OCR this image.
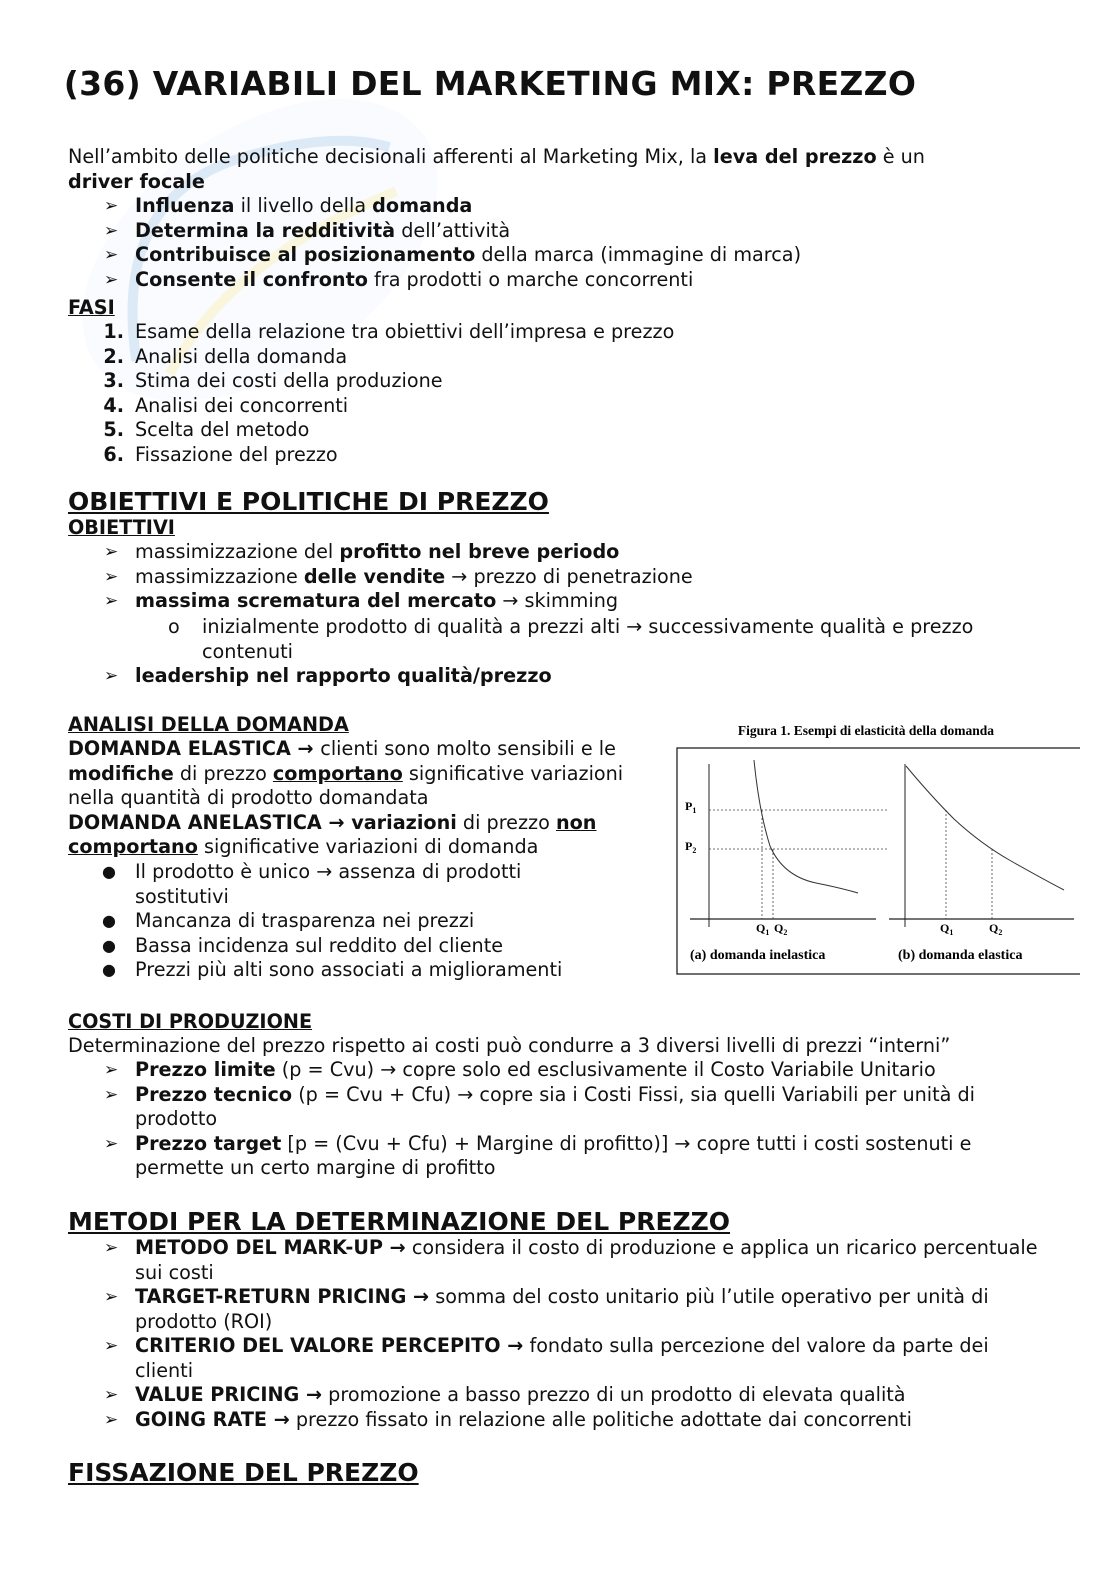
(36) VARIABILI DEL MARKETING MIX: PREZZO
Nell’ambito delle politiche decisionali afferenti al Marketing Mix, la leva del prezzo è un
driver focale
➢ Influenza il livello della domanda
➢ Determina la redditività dell’attività
➢ Contribuisce al posizionamento della marca (immagine di marca)
➢ Consente il confronto fra prodotti o marche concorrenti
FASI
1. Esame della relazione tra obiettivi dell’impresa e prezzo
2. Analisi della domanda
3. Stima dei costi della produzione
4. Analisi dei concorrenti
5. Scelta del metodo
6. Fissazione del prezzo
OBIETTIVI E POLITICHE DI PREZZO
OBIETTIVI
➢ massimizzazione del profitto nel breve periodo
➢ massimizzazione delle vendite → prezzo di penetrazione
➢ massima scrematura del mercato → skimming
o inizialmente prodotto di qualità a prezzi alti → successivamente qualità e prezzo contenuti
➢ leadership nel rapporto qualità/prezzo
ANALISI DELLA DOMANDA
DOMANDA ELASTICA → clienti sono molto sensibili e le modifiche di prezzo comportano significative variazioni nella quantità di prodotto domandata
DOMANDA ANELASTICA → variazioni di prezzo non comportano significative variazioni di domanda
● Il prodotto è unico → assenza di prodotti sostitutivi
● Mancanza di trasparenza nei prezzi
● Bassa incidenza sul reddito del cliente
● Prezzi più alti sono associati a miglioramenti
COSTI DI PRODUZIONE
Determinazione del prezzo rispetto ai costi può condurre a 3 diversi livelli di prezzi “interni”
➢ Prezzo limite (p = Cvu) → copre solo ed esclusivamente il Costo Variabile Unitario
➢ Prezzo tecnico (p = Cvu + Cfu) → copre sia i Costi Fissi, sia quelli Variabili per unità di prodotto
➢ Prezzo target [p = (Cvu + Cfu) + Margine di profitto)] → copre tutti i costi sostenuti e permette un certo margine di profitto
METODI PER LA DETERMINAZIONE DEL PREZZO
➢ METODO DEL MARK-UP → considera il costo di produzione e applica un ricarico percentuale sui costi
➢ TARGET-RETURN PRICING → somma del costo unitario più l’utile operativo per unità di prodotto (ROI)
➢ CRITERIO DEL VALORE PERCEPITO → fondato sulla percezione del valore da parte dei clienti
➢ VALUE PRICING → promozione a basso prezzo di un prodotto di elevata qualità
➢ GOING RATE → prezzo fissato in relazione alle politiche adottate dai concorrenti
FISSAZIONE DEL PREZZO
Figura 1. Esempi di elasticità della domanda
$P_1$
$P_2$
$Q_1$ $Q_2$	$Q_1$	$Q_2$
(a) domanda inelastica	(b) domanda elastica
